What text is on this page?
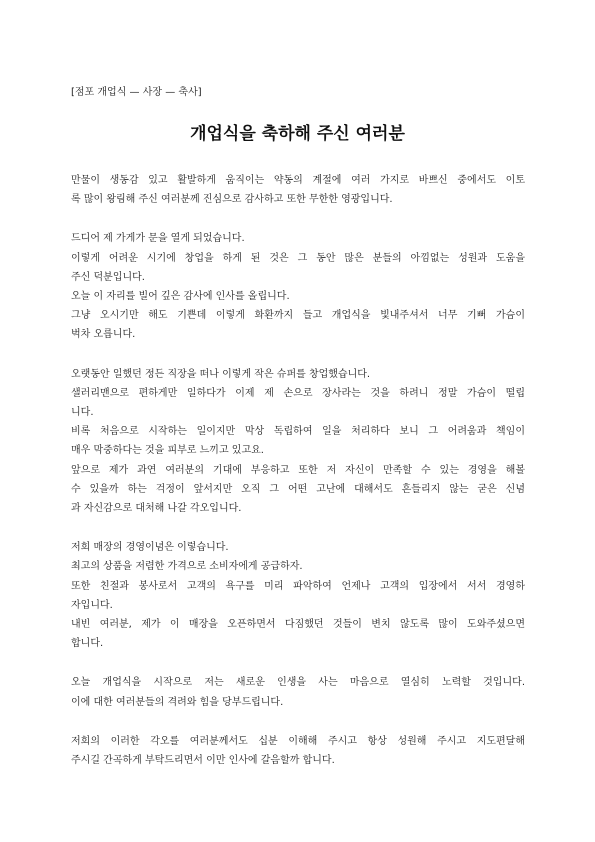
[점포 개업식 — 사장 — 축사]
개업식을 축하해 주신 여러분
만물이 생동감 있고 활발하게 움직이는 약동의 계절에 여러 가지로 바쁘신 중에서도 이토
록 많이 왕림해 주신 여러분께 진심으로 감사하고 또한 무한한 영광입니다.
드디어 제 가게가 문을 열게 되었습니다.
이렇게 어려운 시기에 창업을 하게 된 것은 그 동안 많은 분들의 아낌없는 성원과 도움을
주신 덕분입니다.
오늘 이 자리를 빌어 깊은 감사에 인사를 올립니다.
그냥 오시기만 해도 기쁜데 이렇게 화환까지 들고 개업식을 빛내주셔서 너무 기뻐 가슴이
벅차 오릅니다.
오랫동안 일했던 정든 직장을 떠나 이렇게 작은 슈퍼를 창업했습니다.
샐러리맨으로 편하게만 일하다가 이제 제 손으로 장사라는 것을 하려니 정말 가슴이 떨립
니다.
비록 처음으로 시작하는 일이지만 막상 독립하여 일을 처리하다 보니 그 어려움과 책임이
매우 막중하다는 것을 피부로 느끼고 있고요.
앞으로 제가 과연 여러분의 기대에 부응하고 또한 저 자신이 만족할 수 있는 경영을 해볼
수 있을까 하는 걱정이 앞서지만 오직 그 어떤 고난에 대해서도 흔들리지 않는 굳은 신념
과 자신감으로 대처해 나갈 각오입니다.
저희 매장의 경영이념은 이렇습니다.
최고의 상품을 저렴한 가격으로 소비자에게 공급하자.
또한 친절과 봉사로서 고객의 욕구를 미리 파악하여 언제나 고객의 입장에서 서서 경영하
자입니다.
내빈 여러분, 제가 이 매장을 오픈하면서 다짐했던 것들이 변치 않도록 많이 도와주셨으면
합니다.
오늘 개업식을 시작으로 저는 새로운 인생을 사는 마음으로 열심히 노력할 것입니다.
이에 대한 여러분들의 격려와 힘을 당부드립니다.
저희의 이러한 각오를 여러분께서도 십분 이해해 주시고 항상 성원해 주시고 지도편달해
주시길 간곡하게 부탁드리면서 이만 인사에 갈음할까 합니다.
